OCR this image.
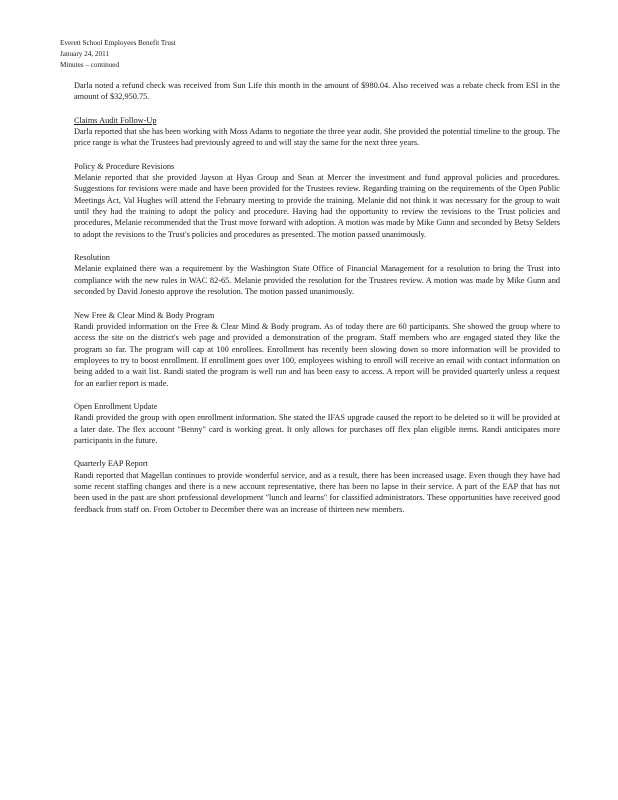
Everett School Employees Benefit Trust
January 24, 2011
Minutes – continued

Darla noted a refund check was received from Sun Life this month in the amount of $980.04. Also received was a rebate check from ESI in the amount of $32,950.75.

Claims Audit Follow-Up

Darla reported that she has been working with Moss Adams to negotiate the three year audit. She provided the potential timeline to the group. The price range is what the Trustees had previously agreed to and will stay the same for the next three years.

Policy & Procedure Revisions

Melanie reported that she provided Jayson at Hyas Group and Sean at Mercer the investment and fund approval policies and procedures. Suggestions for revisions were made and have been provided for the Trustees review. Regarding training on the requirements of the Open Public Meetings Act, Val Hughes will attend the February meeting to provide the training. Melanie did not think it was necessary for the group to wait until they had the training to adopt the policy and procedure. Having had the opportunity to review the revisions to the Trust policies and procedures, Melanie recommended that the Trust move forward with adoption. A motion was made by Mike Gunn and seconded by Betsy Selders to adopt the revisions to the Trust's policies and procedures as presented. The motion passed unanimously.

Resolution

Melanie explained there was a requirement by the Washington State Office of Financial Management for a resolution to bring the Trust into compliance with the new rules in WAC 82-65. Melanie provided the resolution for the Trustees review. A motion was made by Mike Gunn and seconded by David Jonesto approve the resolution. The motion passed unanimously.

New Free & Clear Mind & Body Program

Randi provided information on the Free & Clear Mind & Body program. As of today there are 60 participants. She showed the group where to access the site on the district's web page and provided a demonstration of the program. Staff members who are engaged stated they like the program so far. The program will cap at 100 enrollees. Enrollment has recently been slowing down so more information will be provided to employees to try to boost enrollment. If enrollment goes over 100, employees wishing to enroll will receive an email with contact information on being added to a wait list. Randi stated the program is well run and has been easy to access. A report will be provided quarterly unless a request for an earlier report is made.

Open Enrollment Update

Randi provided the group with open enrollment information. She stated the IFAS upgrade caused the report to be deleted so it will be provided at a later date. The flex account "Benny" card is working great. It only allows for purchases off flex plan eligible items. Randi anticipates more participants in the future.

Quarterly EAP Report

Randi reported that Magellan continues to provide wonderful service, and as a result, there has been increased usage. Even though they have had some recent staffing changes and there is a new account representative, there has been no lapse in their service. A part of the EAP that has not been used in the past are short professional development "lunch and learns" for classified administrators. These opportunities have received good feedback from staff on. From October to December there was an increase of thirteen new members.
